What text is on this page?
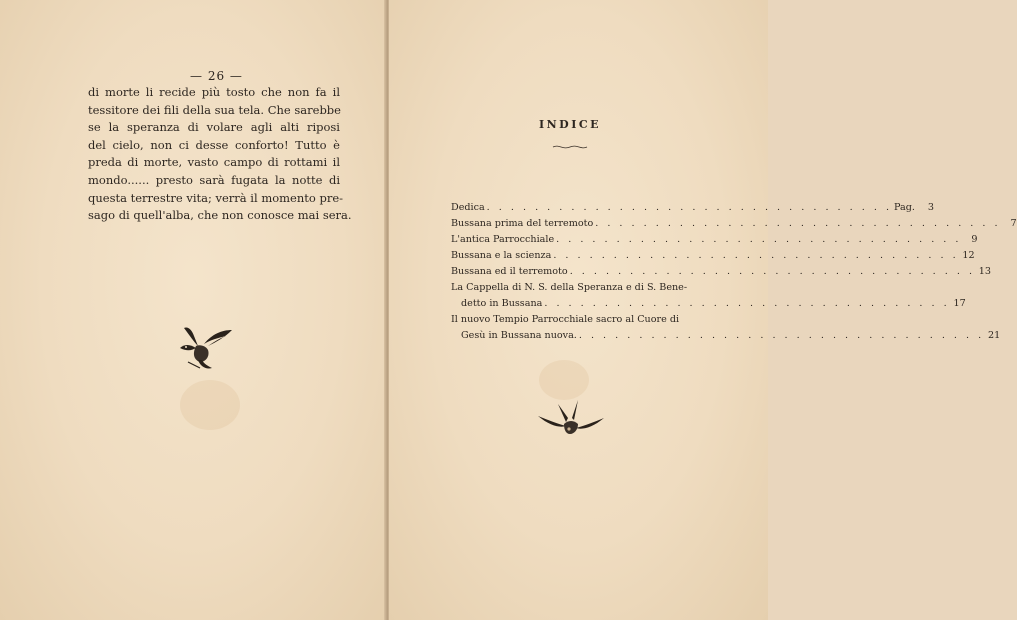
— 26 —
di morte li recide più tosto che non fa il
tessitore dei fili della sua tela. Che sarebbe
se la speranza di volare agli alti riposi
del cielo, non ci desse conforto! Tutto è
preda di morte, vasto campo di rottami il
mondo...... presto sarà fugata la notte di
questa terrestre vita; verrà il momento pre-
sago di quell'alba, che non conosce mai sera.
INDICE
Dedica . . . . . . . . . . . . . . . . . . . . . . . . . . . . . . . . . . Pag.	3
Bussana prima del terremoto . . . . . . . . . . . . . . . . . . . . . . . . . . . . . . . . . .	7
L'antica Parrocchiale . . . . . . . . . . . . . . . . . . . . . . . . . . . . . . . . . .	9
Bussana e la scienza . . . . . . . . . . . . . . . . . . . . . . . . . . . . . . . . . . 12
Bussana ed il terremoto . . . . . . . . . . . . . . . . . . . . . . . . . . . . . . . . . . 13
La Cappella di N. S. della Speranza e di S. Bene-
detto in Bussana . . . . . . . . . . . . . . . . . . . . . . . . . . . . . . . . . . 17
Il nuovo Tempio Parrocchiale sacro al Cuore di
Gesù in Bussana nuova. . . . . . . . . . . . . . . . . . . . . . . . . . . . . . . . . . . 21
